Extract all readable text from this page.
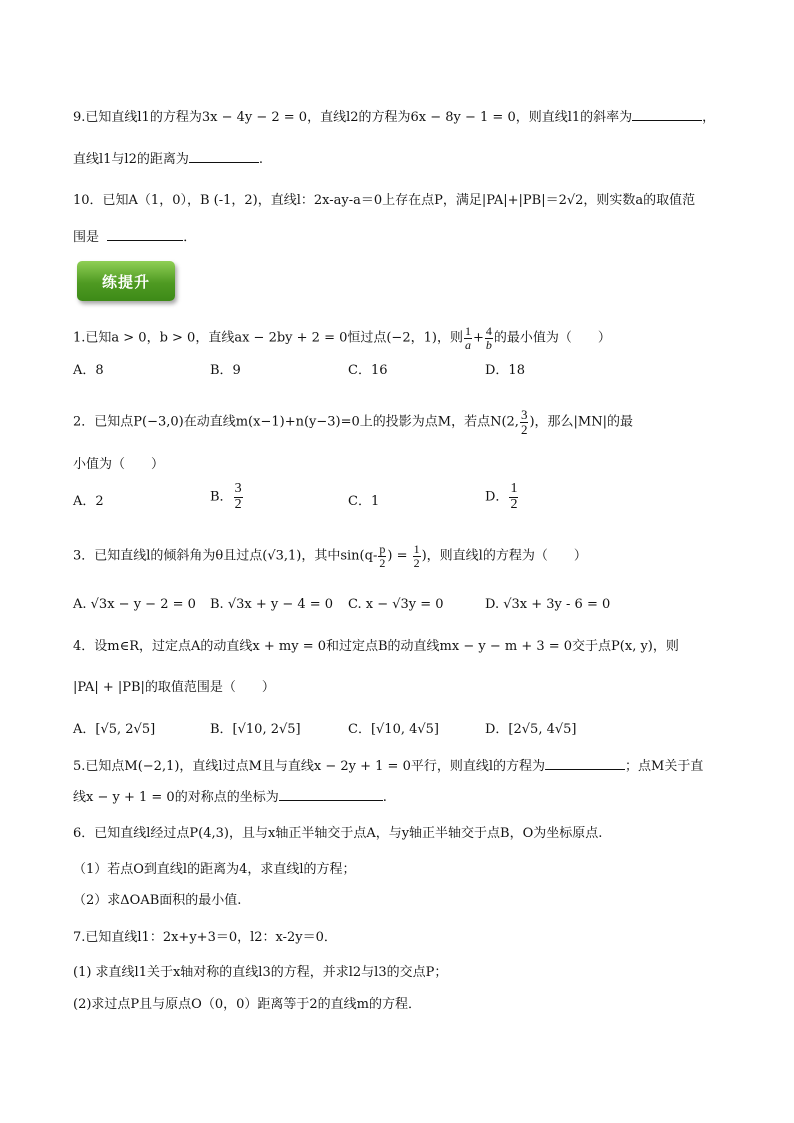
9.已知直线l1的方程为3x − 4y − 2 = 0，直线l2的方程为6x − 8y − 1 = 0，则直线l1的斜率为	，
直线l1与l2的距离为	.
10．已知A（1，0），B (-1，2)，直线l：2x-ay-a＝0上存在点P，满足|PA|+|PB|＝2√2，则实数a的取值范
围是	．
练提升
1.已知a > 0，b > 0，直线ax − 2by + 2 = 0恒过点(−2，1)，则 $\frac{1}{a} + \frac{4}{b}$ 的最小值为（　　）
A．8	B．9	C．16	D．18
2．已知点P(−3,0)在动直线m(x−1)+n(y−3)=0上的投影为点M，若点N(2, $\frac{3}{2}$ )，那么|MN|的最
小值为（　　）
A．2	B． $\frac{3}{2}$	C．1	D． $\frac{1}{2}$
3．已知直线l的倾斜角为θ且过点(√3,1)，其中$\sin(q- \frac{p}{2}$ ) = $\frac{1}{2}$ )，则直线l的方程为（　　）
A. √3x − y − 2 = 0 B. √3x + y − 4 = 0 C. x − √3y = 0	D. √3x + 3y - 6 = 0
4．设m∈R，过定点A的动直线x + my = 0和过定点B的动直线mx − y − m + 3 = 0交于点P(x, y)，则
|PA| + |PB|的取值范围是（　　）
A．[√5, 2√5]	B．[√10, 2√5]	C．[√10, 4√5]	D．[2√5, 4√5]
5.已知点M(−2,1)，直线l过点M且与直线x − 2y + 1 = 0平行，则直线l的方程为	；点M关于直
线x − y + 1 = 0的对称点的坐标为	.
6．已知直线l经过点P(4,3)，且与x轴正半轴交于点A，与y轴正半轴交于点B，O为坐标原点.
（1）若点O到直线l的距离为4，求直线l的方程；
（2）求ΔOAB面积的最小值.
7.已知直线l1：2x+y+3＝0，l2：x-2y＝0．
(1) 求直线l1关于x轴对称的直线l3的方程，并求l2与l3的交点P；
(2)求过点P且与原点O（0，0）距离等于2的直线m的方程．
